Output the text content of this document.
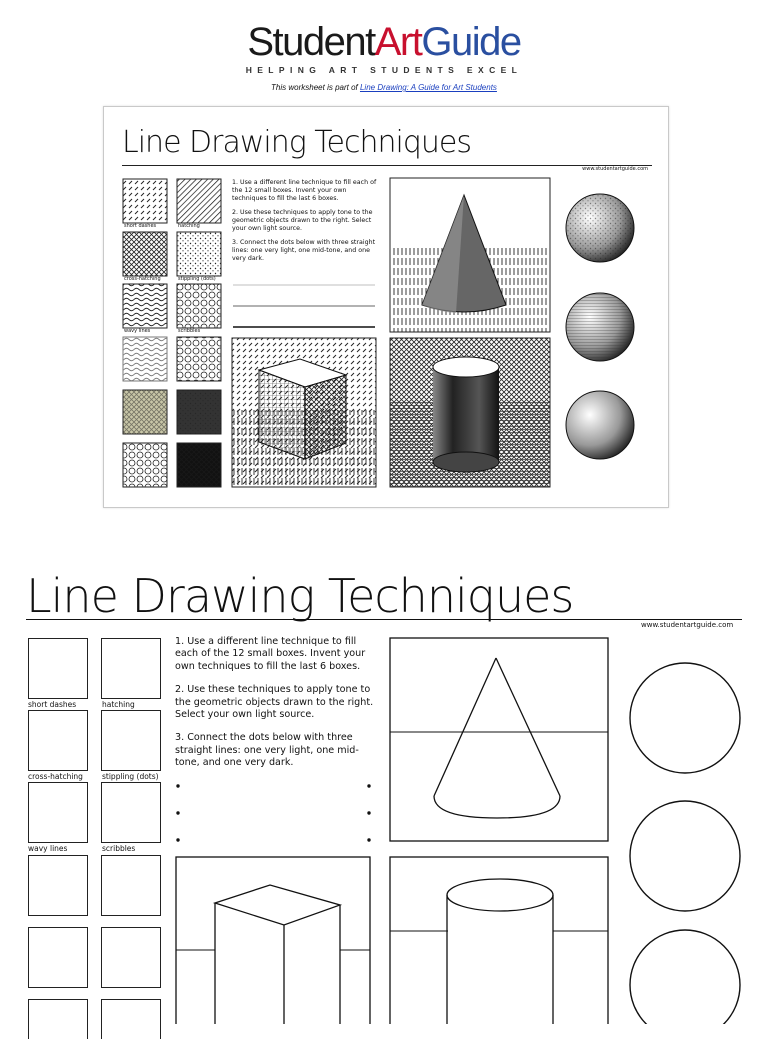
StudentArtGuide
HELPING ART STUDENTS EXCEL
This worksheet is part of Line Drawing: A Guide for Art Students
Line Drawing Techniques
www.studentartguide.com
short dashes	hatching
cross-hatching	stippling (dots)
wavy lines	scribbles

1. Use a different line technique to fill each of the 12 small boxes. Invent your own techniques to fill the last 6 boxes.

2. Use these techniques to apply tone to the geometric objects drawn to the right. Select your own light source.

3. Connect the dots below with three straight lines: one very light, one mid-tone, and one very dark.

Line Drawing Techniques
www.studentartguide.com
short dashes	hatching
cross-hatching	stippling (dots)
wavy lines	scribbles

1. Use a different line technique to fill each of the 12 small boxes. Invent your own techniques to fill the last 6 boxes.

2. Use these techniques to apply tone to the geometric objects drawn to the right. Select your own light source.

3. Connect the dots below with three straight lines: one very light, one mid-tone, and one very dark.
